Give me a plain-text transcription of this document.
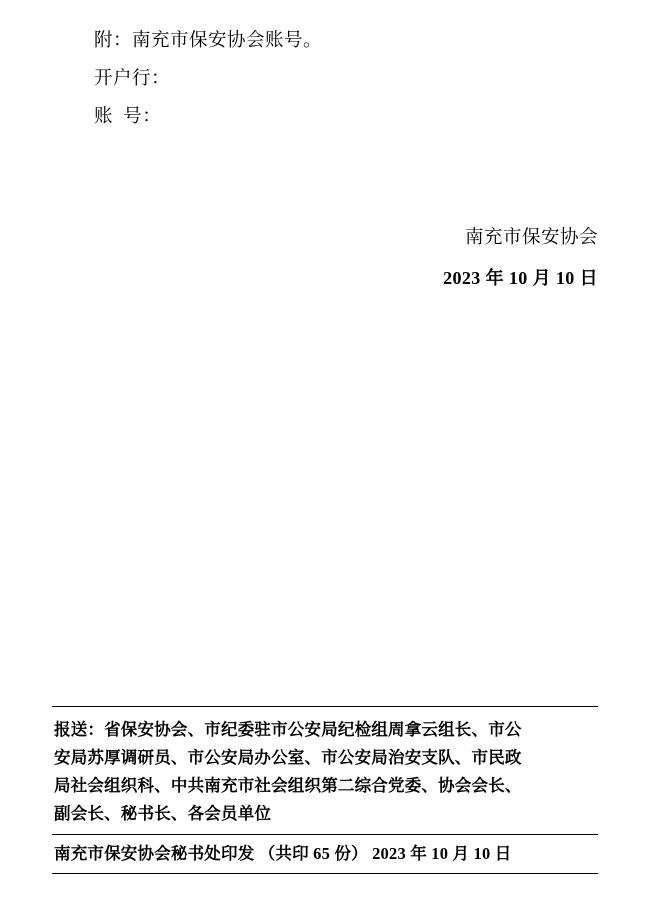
附：南充市保安协会账号。
开户行：
账  号：
南充市保安协会
2023 年 10 月 10 日
报送：省保安协会、市纪委驻市公安局纪检组周拿云组长、市公
安局苏厚调研员、市公安局办公室、市公安局治安支队、市民政
局社会组织科、中共南充市社会组织第二综合党委、协会会长、
副会长、秘书长、各会员单位
南充市保安协会秘书处印发 （共印 65 份） 2023 年 10 月 10 日
